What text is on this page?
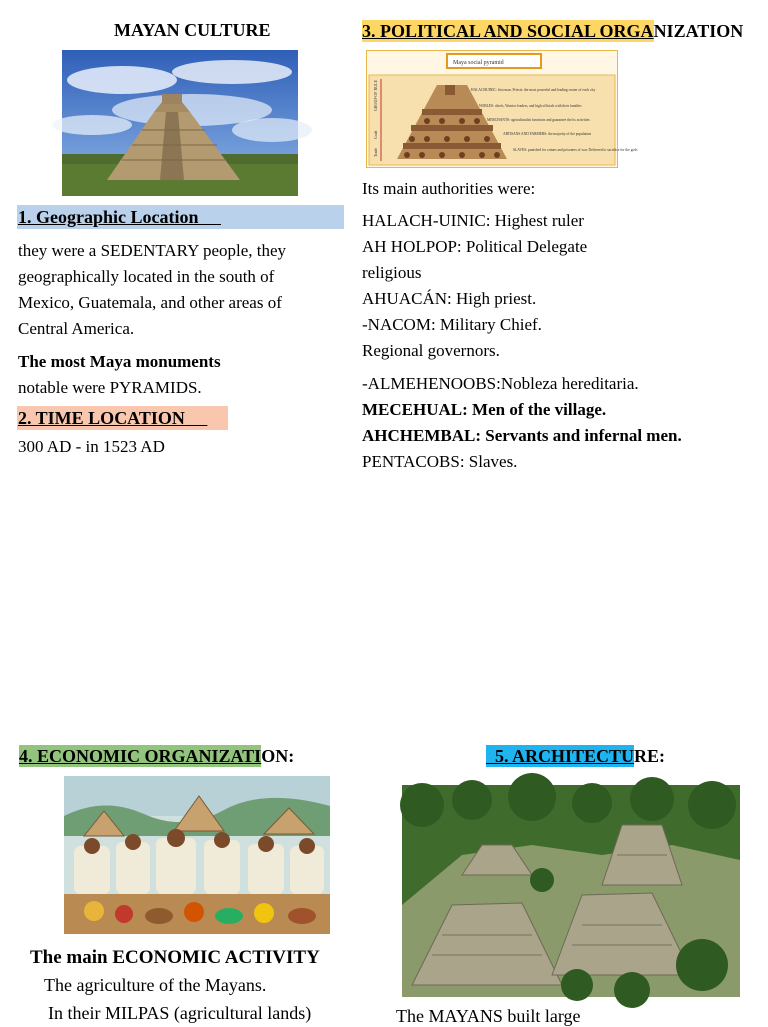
MAYAN CULTURE
1. Geographic Location
they were a SEDENTARY people, they
geographically located in the south of
Mexico, Guatemala, and other areas of
Central America.
The most Maya monuments
notable were PYRAMIDS.
2. TIME LOCATION
300 AD - in 1523 AD
3. POLITICAL AND SOCIAL ORGANIZATION
Maya social pyramid
GROUP OF RULE
Craft
Trade
HALACHUINIC: first man. Priests: the most powerful and leading owner of each city
NOBLES: chiefs, Warrior leaders, and high officials with their families
MERCHANTS: agriculturalist functions and guarantee the its activities
ARTISANS AND FARMERS: the majority of the population
SLAVES: punished for crimes and prisoners of war. Delivered to sacrifice for the gods
Its main authorities were:
HALACH-UINIC: Highest ruler
AH HOLPOP: Political Delegate
religious
AHUACÁN: High priest.
-NACOM: Military Chief.
Regional governors.
-ALMEHENOOBS:Nobleza hereditaria.
MECEHUAL: Men of the village.
AHCHEMBAL: Servants and infernal men.
PENTACOBS: Slaves.
4. ECONOMIC ORGANIZATION:
The main ECONOMIC ACTIVITY
The agriculture of the Mayans.
In their MILPAS (agricultural lands)
5. ARCHITECTURE:
The MAYANS built large
